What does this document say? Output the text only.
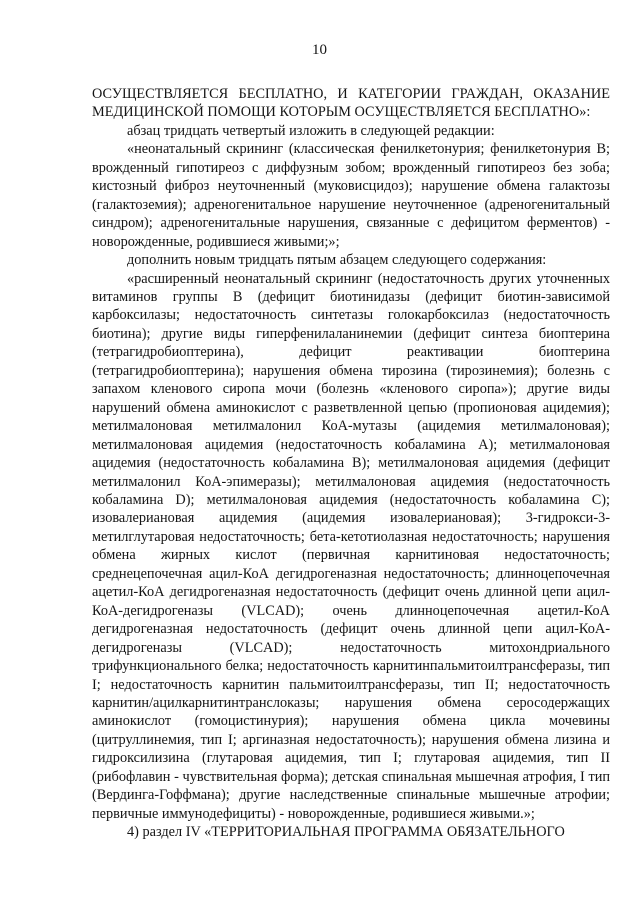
10

ОСУЩЕСТВЛЯЕТСЯ БЕСПЛАТНО, И КАТЕГОРИИ ГРАЖДАН, ОКАЗАНИЕ МЕДИЦИНСКОЙ ПОМОЩИ КОТОРЫМ ОСУЩЕСТВЛЯЕТСЯ БЕСПЛАТНО»:

абзац тридцать четвертый изложить в следующей редакции:

«неонатальный скрининг (классическая фенилкетонурия; фенилкетонурия В; врожденный гипотиреоз с диффузным зобом; врожденный гипотиреоз без зоба; кистозный фиброз неуточненный (муковисцидоз); нарушение обмена галактозы (галактоземия); адреногенитальное нарушение неуточненное (адреногенитальный синдром); адреногенитальные нарушения, связанные с дефицитом ферментов) - новорожденные, родившиеся живыми;»;

дополнить новым тридцать пятым абзацем следующего содержания:

«расширенный неонатальный скрининг (недостаточность других уточненных витаминов группы В (дефицит биотинидазы (дефицит биотин-зависимой карбоксилазы; недостаточность синтетазы голокарбоксилаз (недостаточность биотина); другие виды гиперфенилаланинемии (дефицит синтеза биоптерина (тетрагидробиоптерина), дефицит реактивации биоптерина (тетрагидробиоптерина); нарушения обмена тирозина (тирозинемия); болезнь с запахом кленового сиропа мочи (болезнь «кленового сиропа»); другие виды нарушений обмена аминокислот с разветвленной цепью (пропионовая ацидемия); метилмалоновая метилмалонил КоА-мутазы (ацидемия метилмалоновая); метилмалоновая ацидемия (недостаточность кобаламина А); метилмалоновая ацидемия (недостаточность кобаламина В); метилмалоновая ацидемия (дефицит метилмалонил КоА-эпимеразы); метилмалоновая ацидемия (недостаточность кобаламина D); метилмалоновая ацидемия (недостаточность кобаламина С); изовалериановая ацидемия (ацидемия изовалериановая); 3-гидрокси-3-метилглутаровая недостаточность; бета-кетотиолазная недостаточность; нарушения обмена жирных кислот (первичная карнитиновая недостаточность; среднецепочечная ацил-КоА дегидрогеназная недостаточность; длинноцепочечная ацетил-КоА дегидрогеназная недостаточность (дефицит очень длинной цепи ацил-КоА-дегидрогеназы (VLCAD); очень длинноцепочечная ацетил-КоА дегидрогеназная недостаточность (дефицит очень длинной цепи ацил-КоА-дегидрогеназы (VLCAD); недостаточность митохондриального трифункционального белка; недостаточность карнитинпальмитоилтрансферазы, тип I; недостаточность карнитин пальмитоилтрансферазы, тип II; недостаточность карнитин/ацилкарнитинтранслоказы; нарушения обмена серосодержащих аминокислот (гомоцистинурия); нарушения обмена цикла мочевины (цитруллинемия, тип I; аргиназная недостаточность); нарушения обмена лизина и гидроксилизина (глутаровая ацидемия, тип I; глутаровая ацидемия, тип II (рибофлавин - чувствительная форма); детская спинальная мышечная атрофия, I тип (Вердинга-Гоффмана); другие наследственные спинальные мышечные атрофии; первичные иммунодефициты) - новорожденные, родившиеся живыми.»;

4) раздел IV «ТЕРРИТОРИАЛЬНАЯ ПРОГРАММА ОБЯЗАТЕЛЬНОГО
